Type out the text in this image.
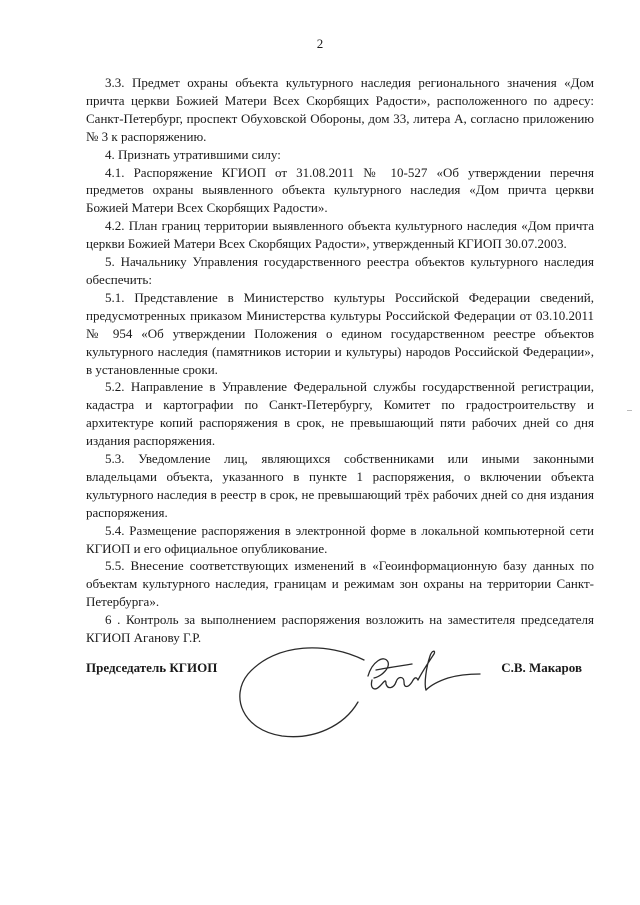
2

3.3. Предмет охраны объекта культурного наследия регионального значения «Дом причта церкви Божией Матери Всех Скорбящих Радости», расположенного по адресу: Санкт-Петербург, проспект Обуховской Обороны, дом 33, литера А, согласно приложению № 3 к распоряжению.

4. Признать утратившими силу:

4.1. Распоряжение КГИОП от 31.08.2011 № 10-527 «Об утверждении перечня предметов охраны выявленного объекта культурного наследия «Дом причта церкви Божией Матери Всех Скорбящих Радости».

4.2. План границ территории выявленного объекта культурного наследия «Дом причта церкви Божией Матери Всех Скорбящих Радости», утвержденный КГИОП 30.07.2003.

5. Начальнику Управления государственного реестра объектов культурного наследия обеспечить:

5.1. Представление в Министерство культуры Российской Федерации сведений, предусмотренных приказом Министерства культуры Российской Федерации от 03.10.2011 № 954 «Об утверждении Положения о едином государственном реестре объектов культурного наследия (памятников истории и культуры) народов Российской Федерации», в установленные сроки.

5.2. Направление в Управление Федеральной службы государственной регистрации, кадастра и картографии по Санкт-Петербургу, Комитет по градостроительству и архитектуре копий распоряжения в срок, не превышающий пяти рабочих дней со дня издания распоряжения.

5.3. Уведомление лиц, являющихся собственниками или иными законными владельцами объекта, указанного в пункте 1 распоряжения, о включении объекта культурного наследия в реестр в срок, не превышающий трёх рабочих дней со дня издания распоряжения.

5.4. Размещение распоряжения в электронной форме в локальной компьютерной сети КГИОП и его официальное опубликование.

5.5. Внесение соответствующих изменений в «Геоинформационную базу данных по объектам культурного наследия, границам и режимам зон охраны на территории Санкт-Петербурга».

6 . Контроль за выполнением распоряжения возложить на заместителя председателя КГИОП Аганову Г.Р.

Председатель КГИОП	С.В. Макаров
